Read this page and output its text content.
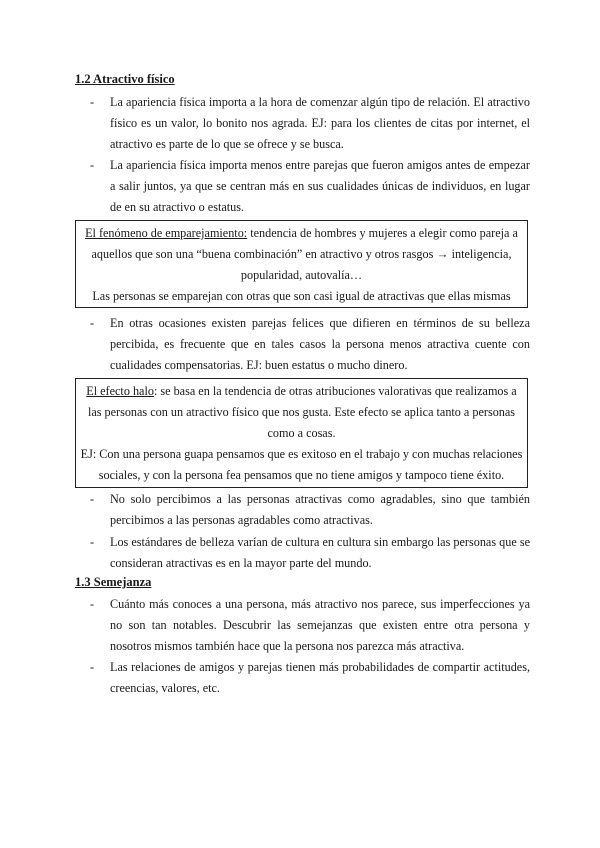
1.2 Atractivo físico
- La apariencia física importa a la hora de comenzar algún tipo de relación. El atractivo físico es un valor, lo bonito nos agrada. EJ: para los clientes de citas por internet, el atractivo es parte de lo que se ofrece y se busca.
- La apariencia física importa menos entre parejas que fueron amigos antes de empezar a salir juntos, ya que se centran más en sus cualidades únicas de individuos, en lugar de en su atractivo o estatus.

El fenómeno de emparejamiento: tendencia de hombres y mujeres a elegir como pareja a aquellos que son una “buena combinación” en atractivo y otros rasgos → inteligencia, popularidad, autovalía…

Las personas se emparejan con otras que son casi igual de atractivas que ellas mismas

- En otras ocasiones existen parejas felices que difieren en términos de su belleza percibida, es frecuente que en tales casos la persona menos atractiva cuente con cualidades compensatorias. EJ: buen estatus o mucho dinero.

El efecto halo: se basa en la tendencia de otras atribuciones valorativas que realizamos a las personas con un atractivo físico que nos gusta. Este efecto se aplica tanto a personas como a cosas.

EJ: Con una persona guapa pensamos que es exitoso en el trabajo y con muchas relaciones sociales, y con la persona fea pensamos que no tiene amigos y tampoco tiene éxito.

- No solo percibimos a las personas atractivas como agradables, sino que también percibimos a las personas agradables como atractivas.
- Los estándares de belleza varían de cultura en cultura sin embargo las personas que se consideran atractivas es en la mayor parte del mundo.
1.3 Semejanza
- Cuánto más conoces a una persona, más atractivo nos parece, sus imperfecciones ya no son tan notables. Descubrir las semejanzas que existen entre otra persona y nosotros mismos también hace que la persona nos parezca más atractiva.
- Las relaciones de amigos y parejas tienen más probabilidades de compartir actitudes, creencias, valores, etc.
